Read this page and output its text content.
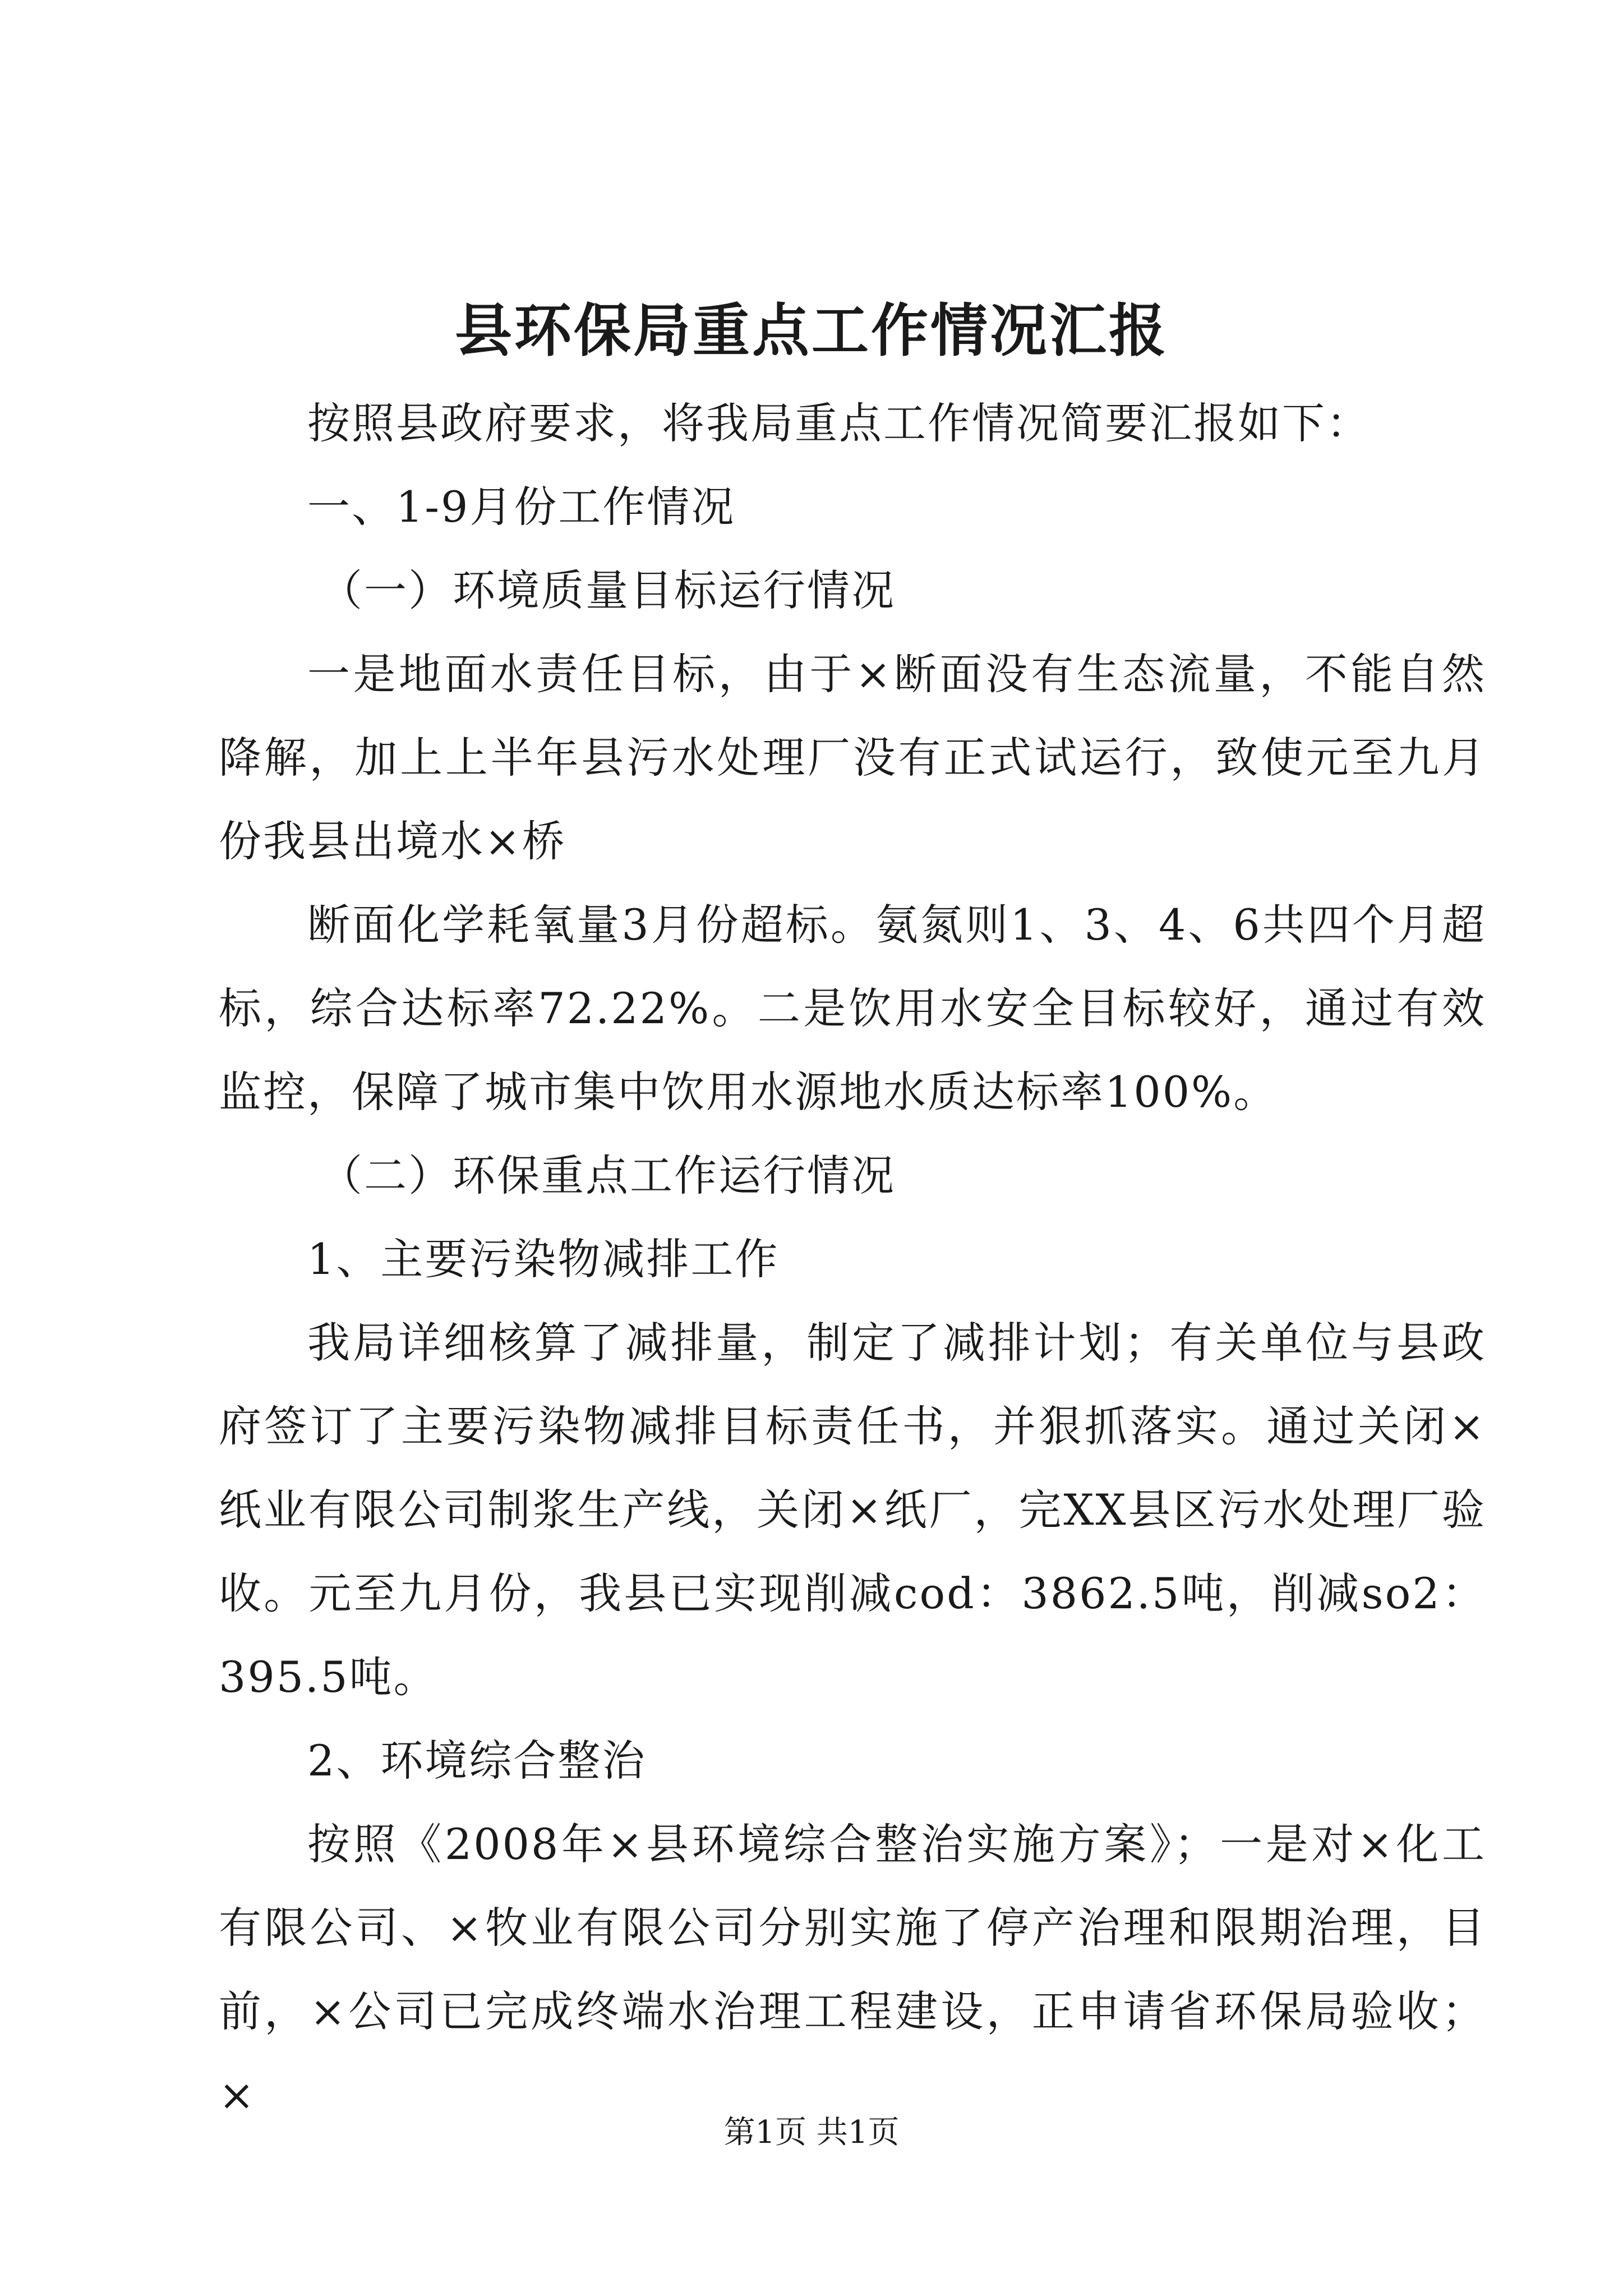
县环保局重点工作情况汇报

按照县政府要求，将我局重点工作情况简要汇报如下：

一、1-9月份工作情况

（一）环境质量目标运行情况

一是地面水责任目标，由于×断面没有生态流量，不能自然降解，加上上半年县污水处理厂没有正式试运行，致使元至九月份我县出境水×桥

断面化学耗氧量3月份超标。氨氮则1、3、4、6共四个月超标，综合达标率72.22%。二是饮用水安全目标较好，通过有效监控，保障了城市集中饮用水源地水质达标率100%。

（二）环保重点工作运行情况

1、主要污染物减排工作

我局详细核算了减排量，制定了减排计划；有关单位与县政府签订了主要污染物减排目标责任书，并狠抓落实。通过关闭×纸业有限公司制浆生产线，关闭×纸厂，完XX县区污水处理厂验收。元至九月份，我县已实现削减cod：3862.5吨，削减so2：395.5吨。

2、环境综合整治

按照《2008年×县环境综合整治实施方案》；一是对×化工有限公司、×牧业有限公司分别实施了停产治理和限期治理，目前，×公司已完成终端水治理工程建设，正申请省环保局验收；×

第1页 共1页
